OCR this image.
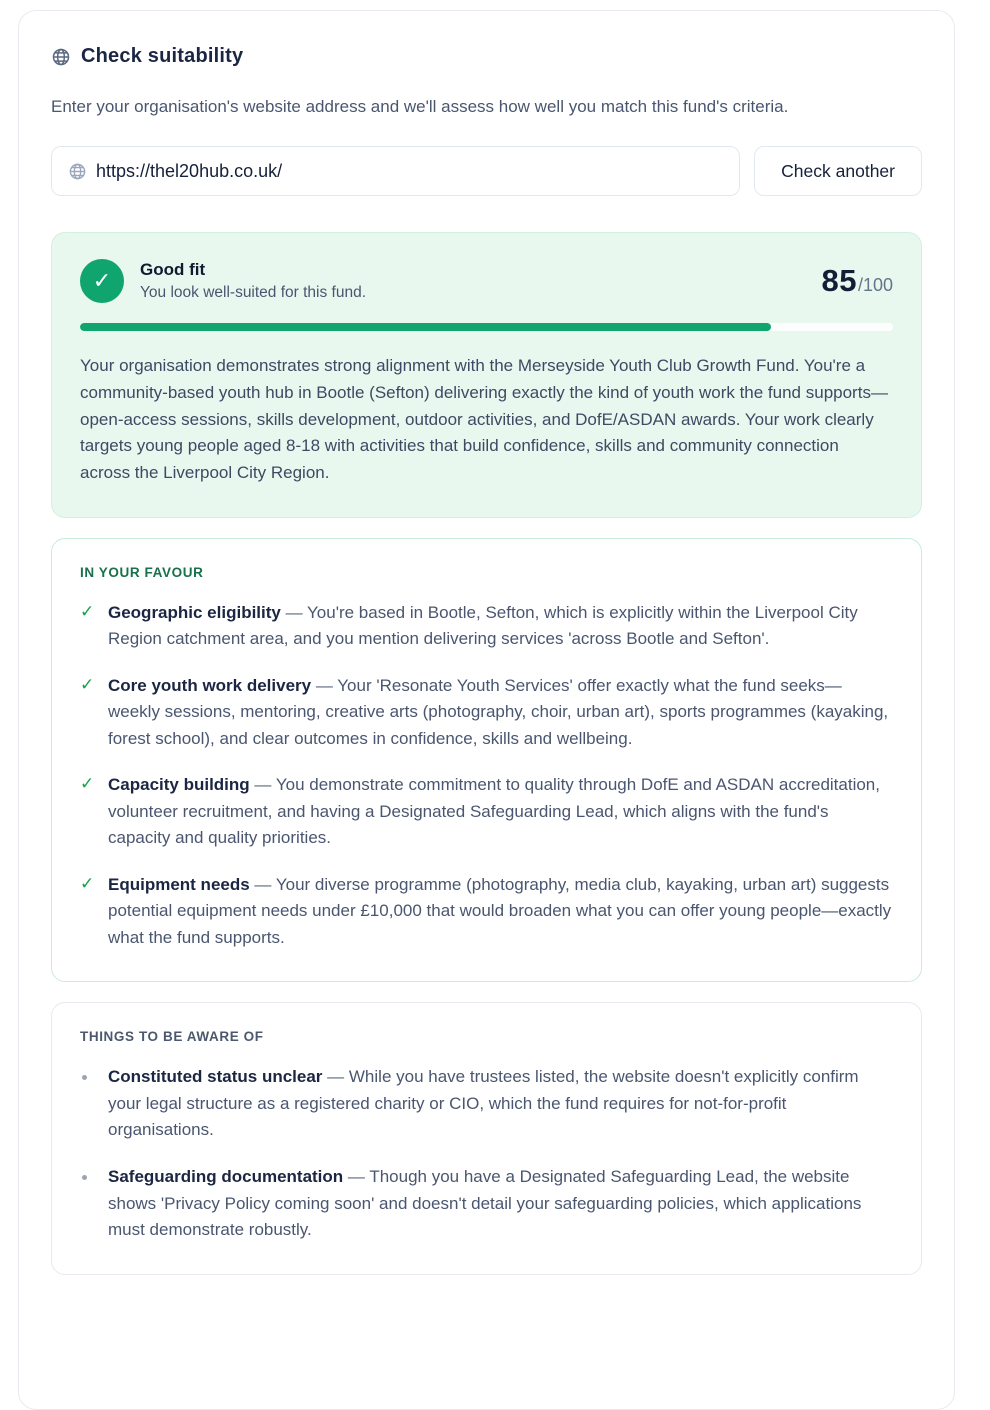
Check suitability

Enter your organisation's website address and we'll assess how well you match this fund's criteria.

https://thel20hub.co.uk/	Check another
✓	Good fit
You look well-suited for this fund.	85 /100

Your organisation demonstrates strong alignment with the Merseyside Youth Club Growth Fund. You're a community-based youth hub in Bootle (Sefton) delivering exactly the kind of youth work the fund supports—open-access sessions, skills development, outdoor activities, and DofE/ASDAN awards. Your work clearly targets young people aged 8-18 with activities that build confidence, skills and community connection across the Liverpool City Region.

IN YOUR FAVOUR
✓ Geographic eligibility — You're based in Bootle, Sefton, which is explicitly within the Liverpool City Region catchment area, and you mention delivering services 'across Bootle and Sefton'.

✓ Core youth work delivery — Your 'Resonate Youth Services' offer exactly what the fund seeks—weekly sessions, mentoring, creative arts (photography, choir, urban art), sports programmes (kayaking, forest school), and clear outcomes in confidence, skills and wellbeing.

✓ Capacity building — You demonstrate commitment to quality through DofE and ASDAN accreditation, volunteer recruitment, and having a Designated Safeguarding Lead, which aligns with the fund's capacity and quality priorities.

✓ Equipment needs — Your diverse programme (photography, media club, kayaking, urban art) suggests potential equipment needs under £10,000 that would broaden what you can offer young people—exactly what the fund supports.

THINGS TO BE AWARE OF

Constituted status unclear — While you have trustees listed, the website doesn't explicitly confirm your legal structure as a registered charity or CIO, which the fund requires for not-for-profit organisations.

Safeguarding documentation — Though you have a Designated Safeguarding Lead, the website shows 'Privacy Policy coming soon' and doesn't detail your safeguarding policies, which applications must demonstrate robustly.
